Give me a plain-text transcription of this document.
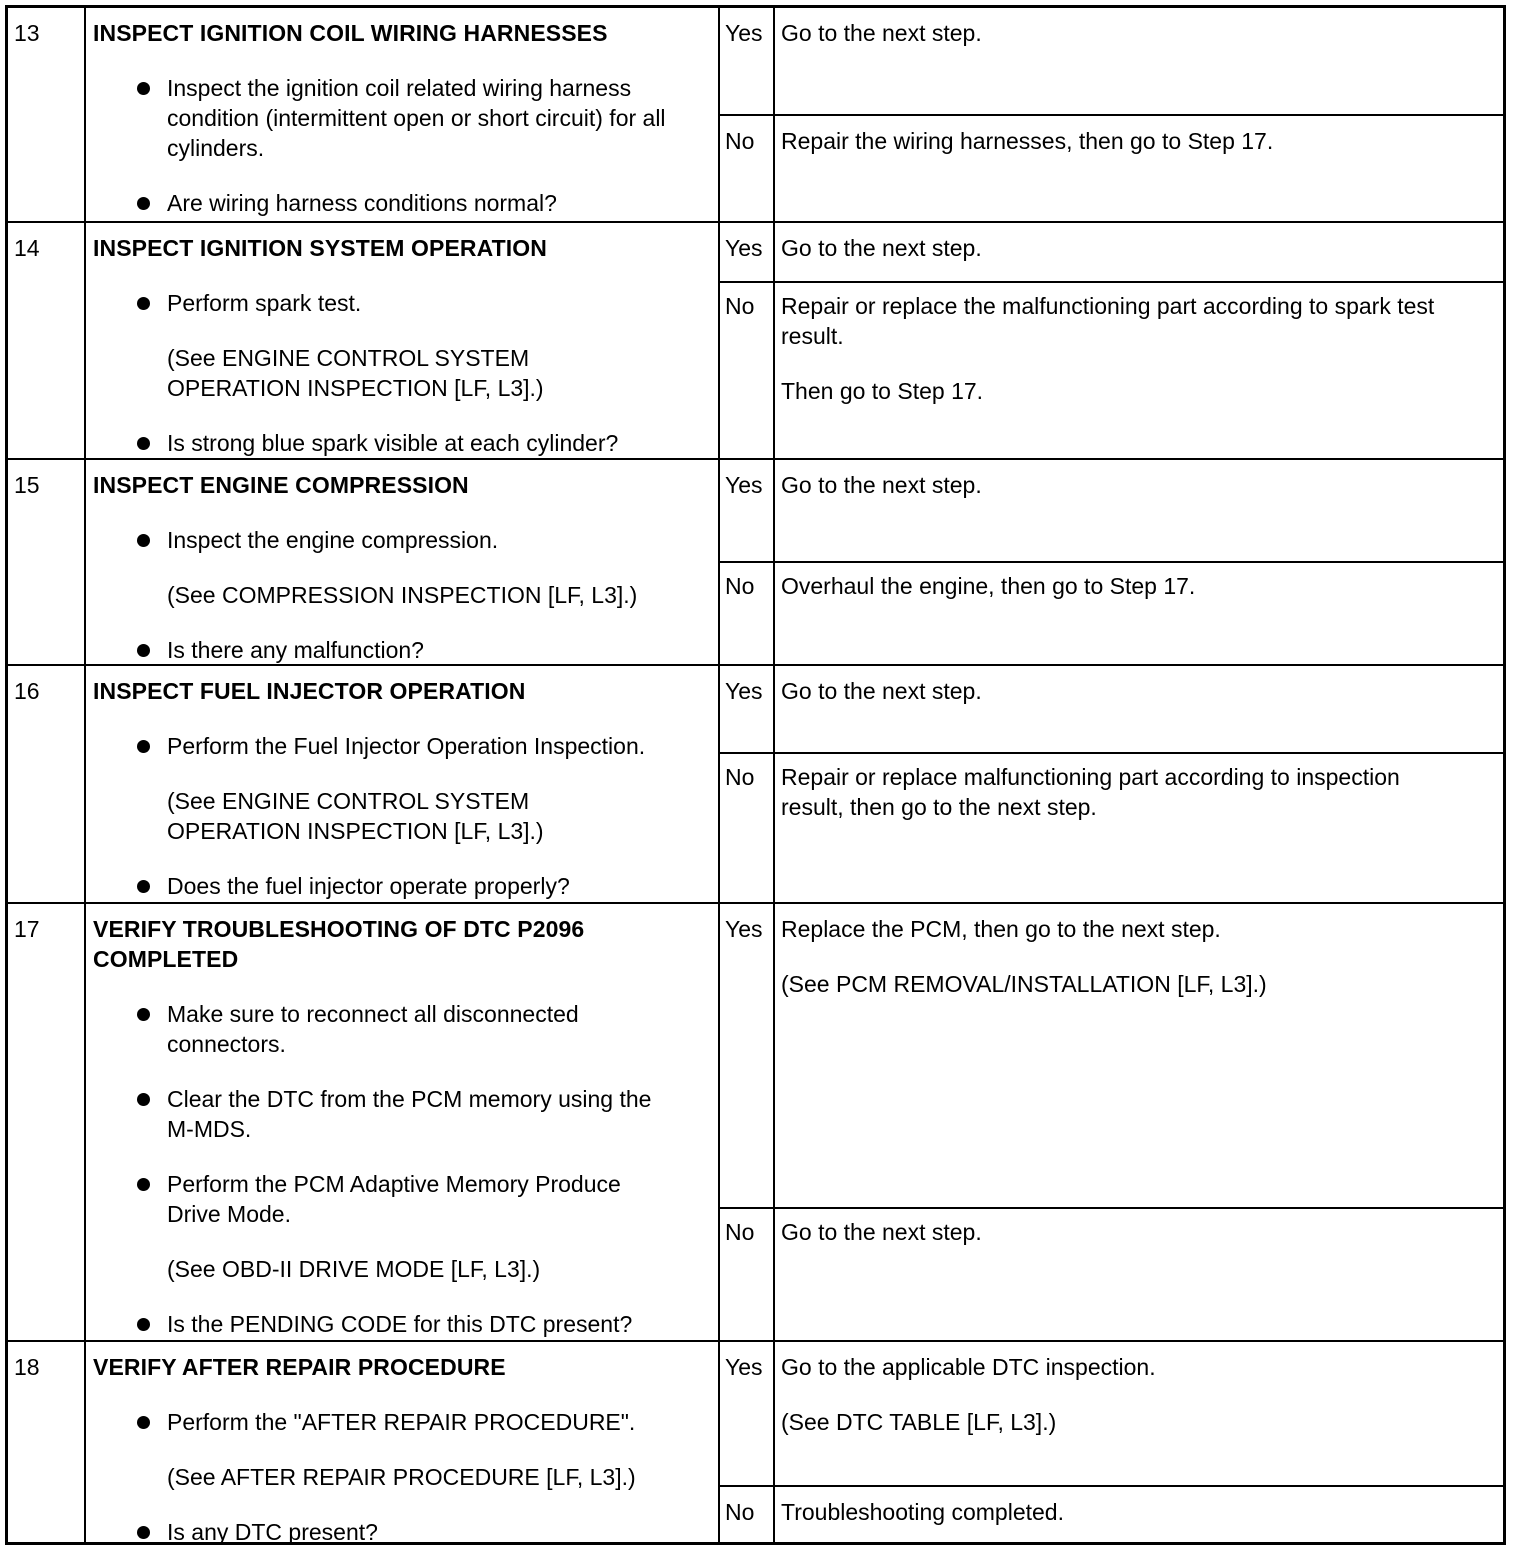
13	INSPECT IGNITION COIL WIRING HARNESSES
Inspect the ignition coil related wiring harness condition (intermittent open or short circuit) for all cylinders.
Are wiring harness conditions normal?
Yes Go to the next step.
No	Repair the wiring harnesses, then go to Step 17.
14	INSPECT IGNITION SYSTEM OPERATION
Perform spark test.
(See ENGINE CONTROL SYSTEM OPERATION INSPECTION [LF, L3].)
Is strong blue spark visible at each cylinder?
Yes Go to the next step.
No	Repair or replace the malfunctioning part according to spark test result.
Then go to Step 17.
15	INSPECT ENGINE COMPRESSION
Inspect the engine compression.
(See COMPRESSION INSPECTION [LF, L3].)
Is there any malfunction?
Yes Go to the next step.
No	Overhaul the engine, then go to Step 17.
16	INSPECT FUEL INJECTOR OPERATION
Perform the Fuel Injector Operation Inspection.
(See ENGINE CONTROL SYSTEM OPERATION INSPECTION [LF, L3].)
Does the fuel injector operate properly?
Yes Go to the next step.
No	Repair or replace malfunctioning part according to inspection result, then go to the next step.
17	VERIFY TROUBLESHOOTING OF DTC P2096 COMPLETED
Make sure to reconnect all disconnected connectors.
Clear the DTC from the PCM memory using the M-MDS.
Perform the PCM Adaptive Memory Produce Drive Mode.
(See OBD-II DRIVE MODE [LF, L3].)
Is the PENDING CODE for this DTC present?
Yes Replace the PCM, then go to the next step.
(See PCM REMOVAL/INSTALLATION [LF, L3].)
No	Go to the next step.
18	VERIFY AFTER REPAIR PROCEDURE
Perform the "AFTER REPAIR PROCEDURE".
(See AFTER REPAIR PROCEDURE [LF, L3].)
Is any DTC present?
Yes Go to the applicable DTC inspection.
(See DTC TABLE [LF, L3].)
No	Troubleshooting completed.
